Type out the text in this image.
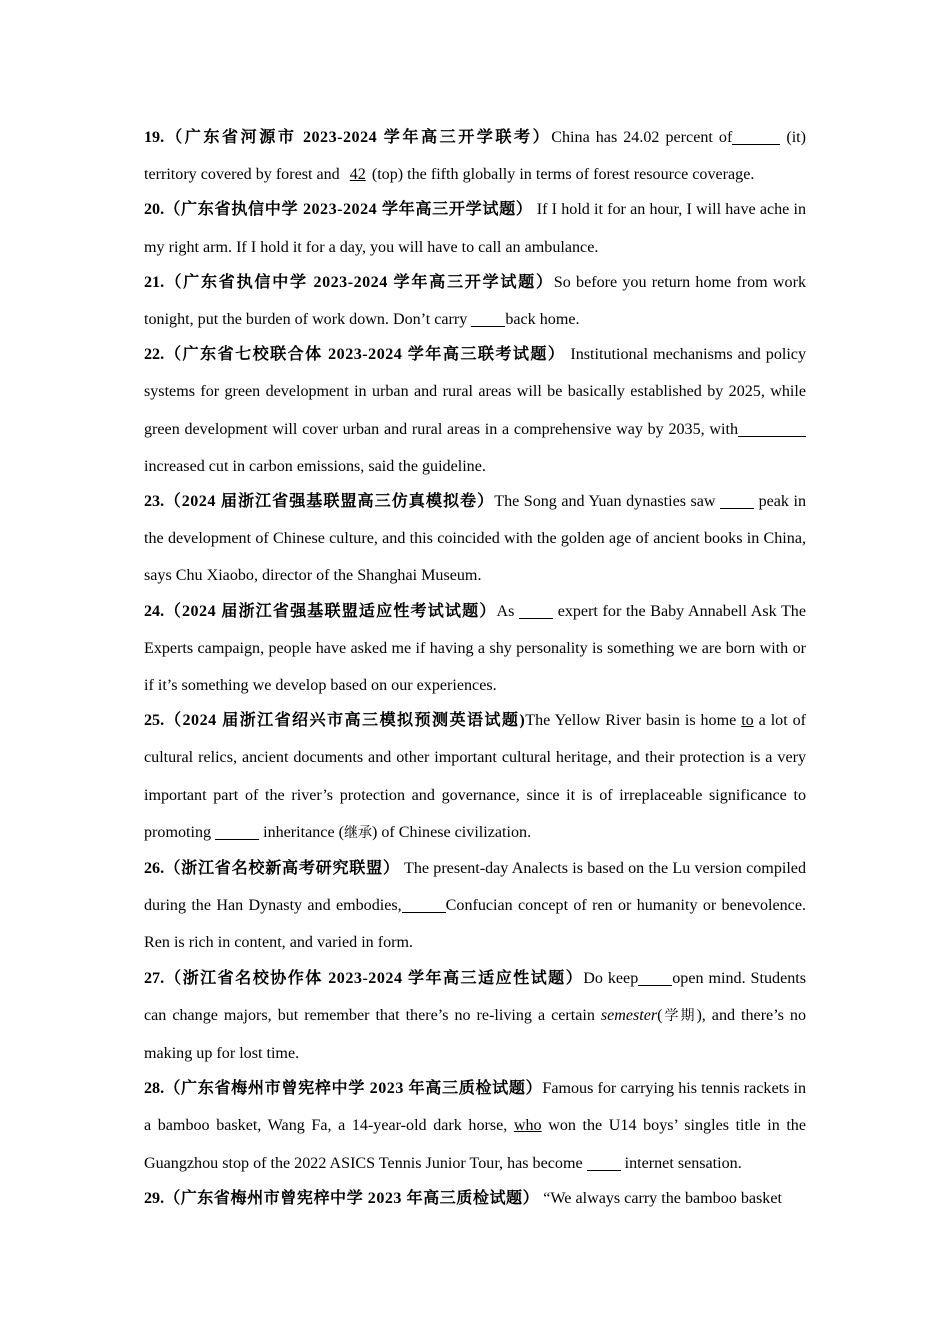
19.（广东省河源市 2023-2024 学年高三开学联考）China has 24.02 percent of	(it) territory covered by forest and 42 (top) the fifth globally in terms of forest resource coverage.

20.（广东省执信中学 2023-2024 学年高三开学试题） If I hold it for an hour, I will have ache in my right arm. If I hold it for a day, you will have to call an ambulance.

21.（广东省执信中学 2023-2024 学年高三开学试题）So before you return home from work tonight, put the burden of work down. Don’t carry back home.

22.（广东省七校联合体 2023-2024 学年高三联考试题） Institutional mechanisms and policy systems for green development in urban and rural areas will be basically established by 2025, while green development will cover urban and rural areas in a comprehensive way by 2035, with increased cut in carbon emissions, said the guideline.

23.（2024 届浙江省强基联盟高三仿真模拟卷）The Song and Yuan dynasties saw  peak in the development of Chinese culture, and this coincided with the golden age of ancient books in China, says Chu Xiaobo, director of the Shanghai Museum.

24.（2024 届浙江省强基联盟适应性考试试题）As  expert for the Baby Annabell Ask The Experts campaign, people have asked me if having a shy personality is something we are born with or if it’s something we develop based on our experiences.

25.（2024 届浙江省绍兴市高三模拟预测英语试题)The Yellow River basin is home to a lot of cultural relics, ancient documents and other important cultural heritage, and their protection is a very important part of the river’s protection and governance, since it is of irreplaceable significance to promoting	inheritance (继承) of Chinese civilization.

26.（浙江省名校新高考研究联盟） The present-day Analects is based on the Lu version compiled during the Han Dynasty and embodies,	Confucian concept of ren or humanity or benevolence. Ren is rich in content, and varied in form.

27.（浙江省名校协作体 2023-2024 学年高三适应性试题）Do keep open mind. Students can change majors, but remember that there’s no re-living a certain semester(学期), and there’s no making up for lost time.

28.（广东省梅州市曾宪梓中学 2023 年高三质检试题）Famous for carrying his tennis rackets in a bamboo basket, Wang Fa, a 14-year-old dark horse, who won the U14 boys’ singles title in the Guangzhou stop of the 2022 ASICS Tennis Junior Tour, has become  internet sensation.

29.（广东省梅州市曾宪梓中学 2023 年高三质检试题） “We always carry the bamboo basket
